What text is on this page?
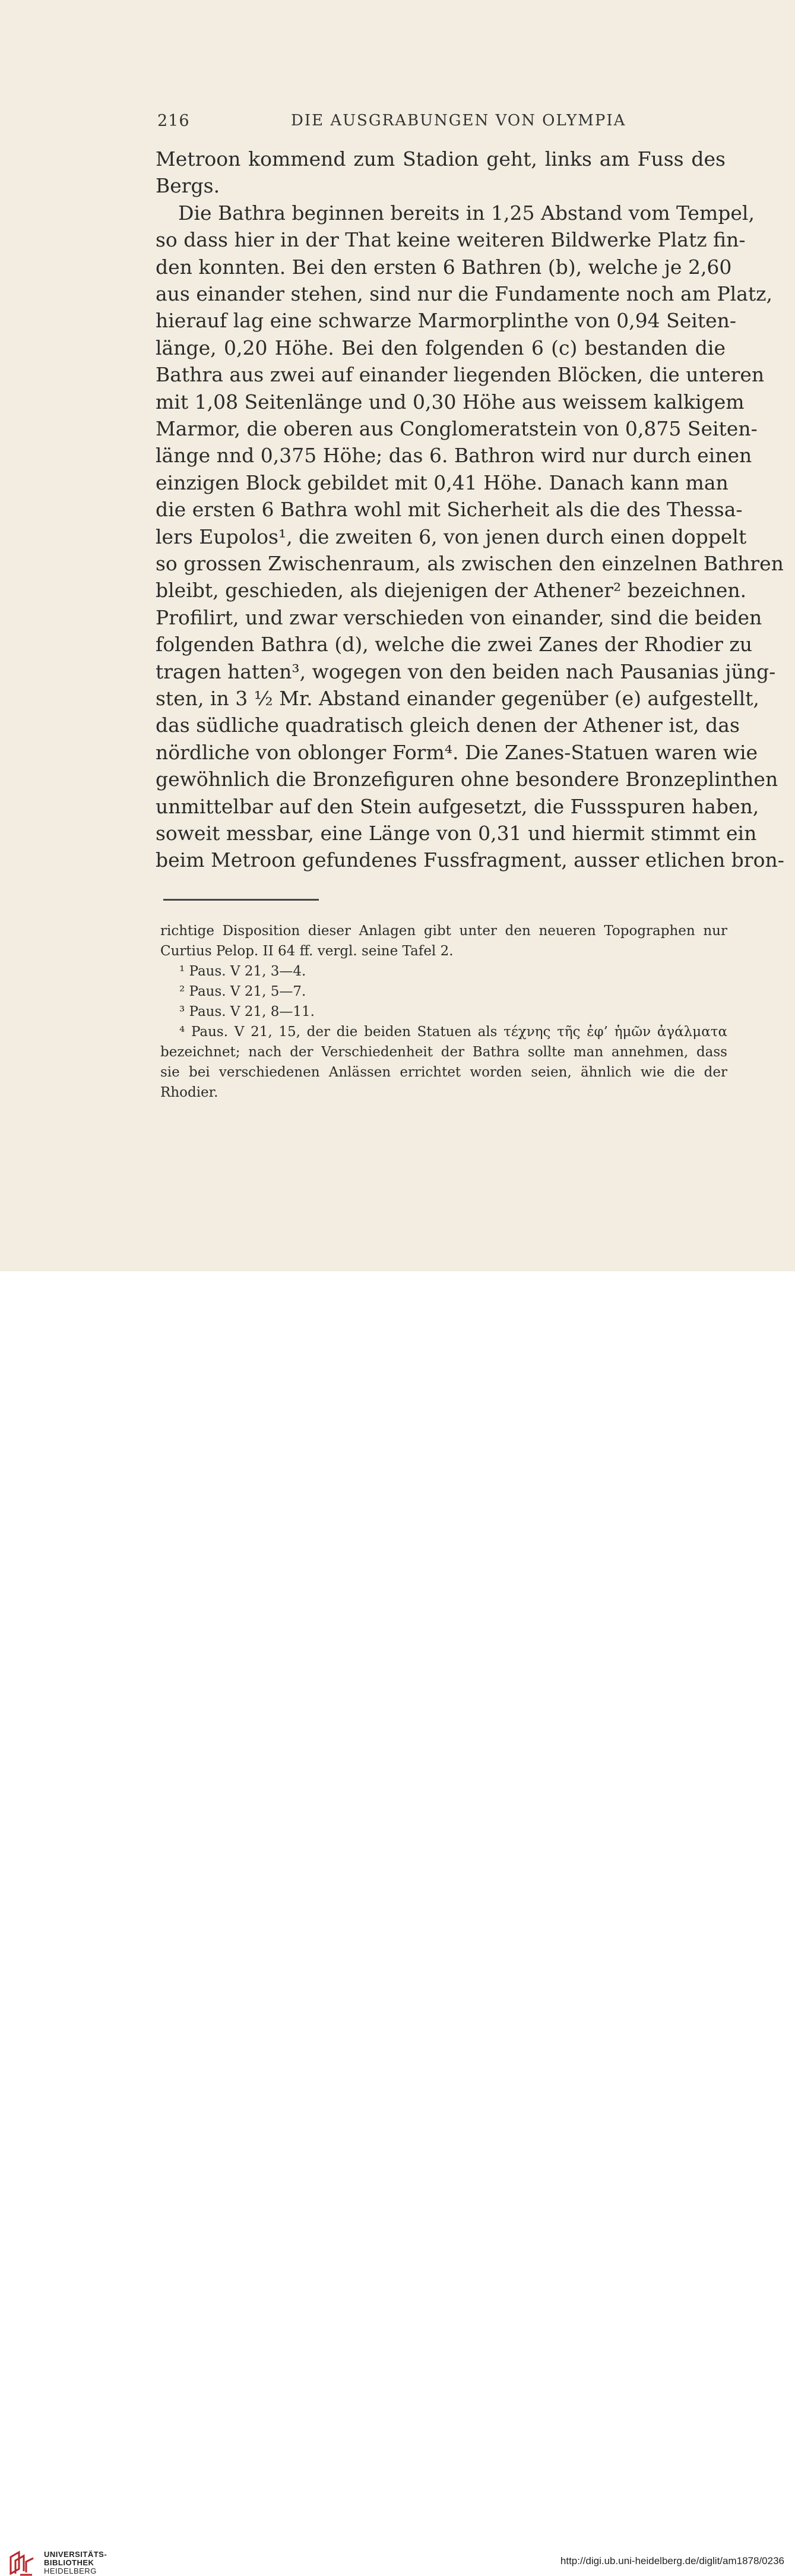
216	DIE AUSGRABUNGEN VON OLYMPIA
Metroon kommend zum Stadion geht, links am Fuss des
Bergs.
Die Bathra beginnen bereits in 1,25 Abstand vom Tempel,
so dass hier in der That keine weiteren Bildwerke Platz fin-
den konnten. Bei den ersten 6 Bathren (b), welche je 2,60
aus einander stehen, sind nur die Fundamente noch am Platz,
hierauf lag eine schwarze Marmorplinthe von 0,94 Seiten-
länge, 0,20 Höhe. Bei den folgenden 6 (c) bestanden die
Bathra aus zwei auf einander liegenden Blöcken, die unteren
mit 1,08 Seitenlänge und 0,30 Höhe aus weissem kalkigem
Marmor, die oberen aus Conglomeratstein von 0,875 Seiten-
länge nnd 0,375 Höhe; das 6. Bathron wird nur durch einen
einzigen Block gebildet mit 0,41 Höhe. Danach kann man
die ersten 6 Bathra wohl mit Sicherheit als die des Thessa-
lers Eupolos¹, die zweiten 6, von jenen durch einen doppelt
so grossen Zwischenraum, als zwischen den einzelnen Bathren
bleibt, geschieden, als diejenigen der Athener² bezeichnen.
Profilirt, und zwar verschieden von einander, sind die beiden
folgenden Bathra (d), welche die zwei Zanes der Rhodier zu
tragen hatten³, wogegen von den beiden nach Pausanias jüng-
sten, in 3 ½ Mr. Abstand einander gegenüber (e) aufgestellt,
das südliche quadratisch gleich denen der Athener ist, das
nördliche von oblonger Form⁴. Die Zanes-Statuen waren wie
gewöhnlich die Bronzefiguren ohne besondere Bronzeplinthen
unmittelbar auf den Stein aufgesetzt, die Fussspuren haben,
soweit messbar, eine Länge von 0,31 und hiermit stimmt ein
beim Metroon gefundenes Fussfragment, ausser etlichen bron-
richtige Disposition dieser Anlagen gibt unter den neueren Topographen nur
Curtius Pelop. II 64 ff. vergl. seine Tafel 2.
¹ Paus. V 21, 3—4.
² Paus. V 21, 5—7.
³ Paus. V 21, 8—11.
⁴ Paus. V 21, 15, der die beiden Statuen als τέχνης τῆς ἐφ’ ἡμῶν ἀγάλματα
bezeichnet; nach der Verschiedenheit der Bathra sollte man annehmen, dass
sie bei verschiedenen Anlässen errichtet worden seien, ähnlich wie die der
Rhodier.
UNIVERSITÄTS-
BIBLIOTHEK
HEIDELBERG
http://digi.ub.uni-heidelberg.de/diglit/am1878/0236
